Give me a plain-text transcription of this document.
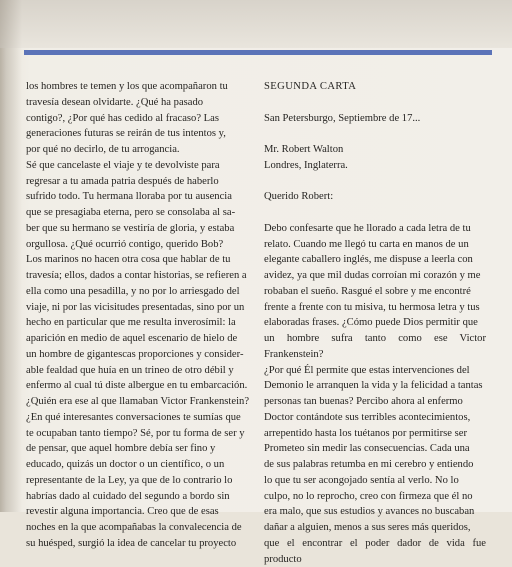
los hombres te temen y los que acompañaron tu

travesía desean olvidarte. ¿Qué ha pasado

contigo?, ¿Por qué has cedido al fracaso? Las

generaciones futuras se reirán de tus intentos y,

por qué no decirlo, de tu arrogancia.

Sé que cancelaste el viaje y te devolviste para

regresar a tu amada patria después de haberlo

sufrido todo. Tu hermana lloraba por tu ausencia

que se presagiaba eterna, pero se consolaba al sa-

ber que su hermano se vestiría de gloria, y estaba

orgullosa. ¿Qué ocurrió contigo, querido Bob?

Los marinos no hacen otra cosa que hablar de tu

travesía; ellos, dados a contar historias, se refieren a

ella como una pesadilla, y no por lo arriesgado del

viaje, ni por las vicisitudes presentadas, sino por un

hecho en particular que me resulta inverosímil: la

aparición en medio de aquel escenario de hielo de

un hombre de gigantescas proporciones y consider-

able fealdad que huía en un trineo de otro débil y

enfermo al cual tú diste albergue en tu embarcación.

¿Quién era ese al que llamaban Victor Frankenstein?

¿En qué interesantes conversaciones te sumías que

te ocupaban tanto tiempo? Sé, por tu forma de ser y

de pensar, que aquel hombre debía ser fino y

educado, quizás un doctor o un científico, o un

representante de la Ley, ya que de lo contrario lo

habrías dado al cuidado del segundo a bordo sin

revestir alguna importancia. Creo que de esas

noches en la que acompañabas la convalecencia de

su huésped, surgió la idea de cancelar tu proyecto

SEGUNDA CARTA

San Petersburgo, Septiembre de 17...

Mr. Robert Walton

Londres, Inglaterra.

Querido Robert:

Debo confesarte que he llorado a cada letra de tu

relato. Cuando me llegó tu carta en manos de un

elegante caballero inglés, me dispuse a leerla con

avidez, ya que mil dudas corroían mi corazón y me

robaban el sueño. Rasgué el sobre y me encontré

frente a frente con tu misiva, tu hermosa letra y tus

elaboradas frases. ¿Cómo puede Dios permitir que

un hombre sufra tanto como ese Victor Frankenstein?

¿Por qué Él permite que estas intervenciones del

Demonio le arranquen la vida y la felicidad a tantas

personas tan buenas? Percibo ahora al enfermo

Doctor contándote sus terribles acontecimientos,

arrepentido hasta los tuétanos por permitirse ser

Prometeo sin medir las consecuencias. Cada una

de sus palabras retumba en mi cerebro y entiendo

lo que tu ser acongojado sentía al verlo. No lo

culpo, no lo reprocho, creo con firmeza que él no

era malo, que sus estudios y avances no buscaban

dañar a alguien, menos a sus seres más queridos,

que el encontrar el poder dador de vida fue producto
